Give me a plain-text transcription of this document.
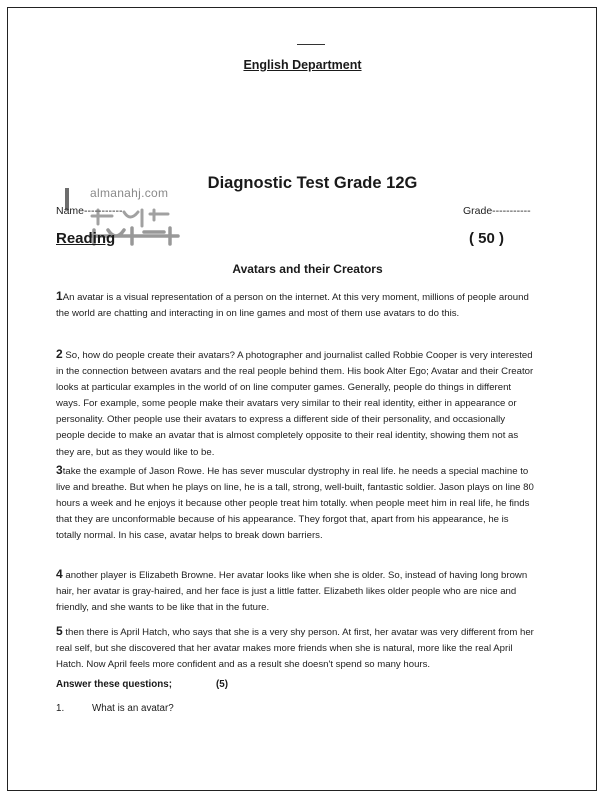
English Department
Diagnostic Test Grade 12G
almanahj.com
Name-----------	Grade-----------
Reading	( 50 )
Avatars and their Creators

1An avatar is a visual representation of a person on the internet. At this very moment, millions of people around the world are chatting and interacting in on line games and most of them use avatars to do this.

2 So, how do people create their avatars? A photographer and journalist called Robbie Cooper is very interested in the connection between avatars and the real people behind them. His book Alter Ego; Avatar and their Creator looks at particular examples in the world of on line computer games. Generally, people do things in different ways. For example, some people make their avatars very similar to their real identity, either in appearance or personality. Other people use their avatars to express a different side of their personality, and occasionally people decide to make an avatar that is almost completely opposite to their real identity, showing them not as they are, but as they would like to be.

3take the example of Jason Rowe. He has sever muscular dystrophy in real life. he needs a special machine to live and breathe. But when he plays on line, he is a tall, strong, well-built, fantastic soldier. Jason plays on line 80 hours a week and he enjoys it because other people treat him totally. when people meet him in real life, he finds that they are unconformable because of his appearance. They forgot that, apart from his appearance, he is totally normal. In his case, avatar helps to break down barriers.

4 another player is Elizabeth Browne. Her avatar looks like when she is older. So, instead of having long brown hair, her avatar is gray-haired, and her face is just a little fatter. Elizabeth likes older people who are nice and friendly, and she wants to be like that in the future.

5 then there is April Hatch, who says that she is a very shy person. At first, her avatar was very different from her real self, but she discovered that her avatar makes more friends when she is natural, more like the real April Hatch. Now April feels more confident and as a result she doesn't spend so many hours.

Answer these questions;	(5)
1.	What is an avatar?
